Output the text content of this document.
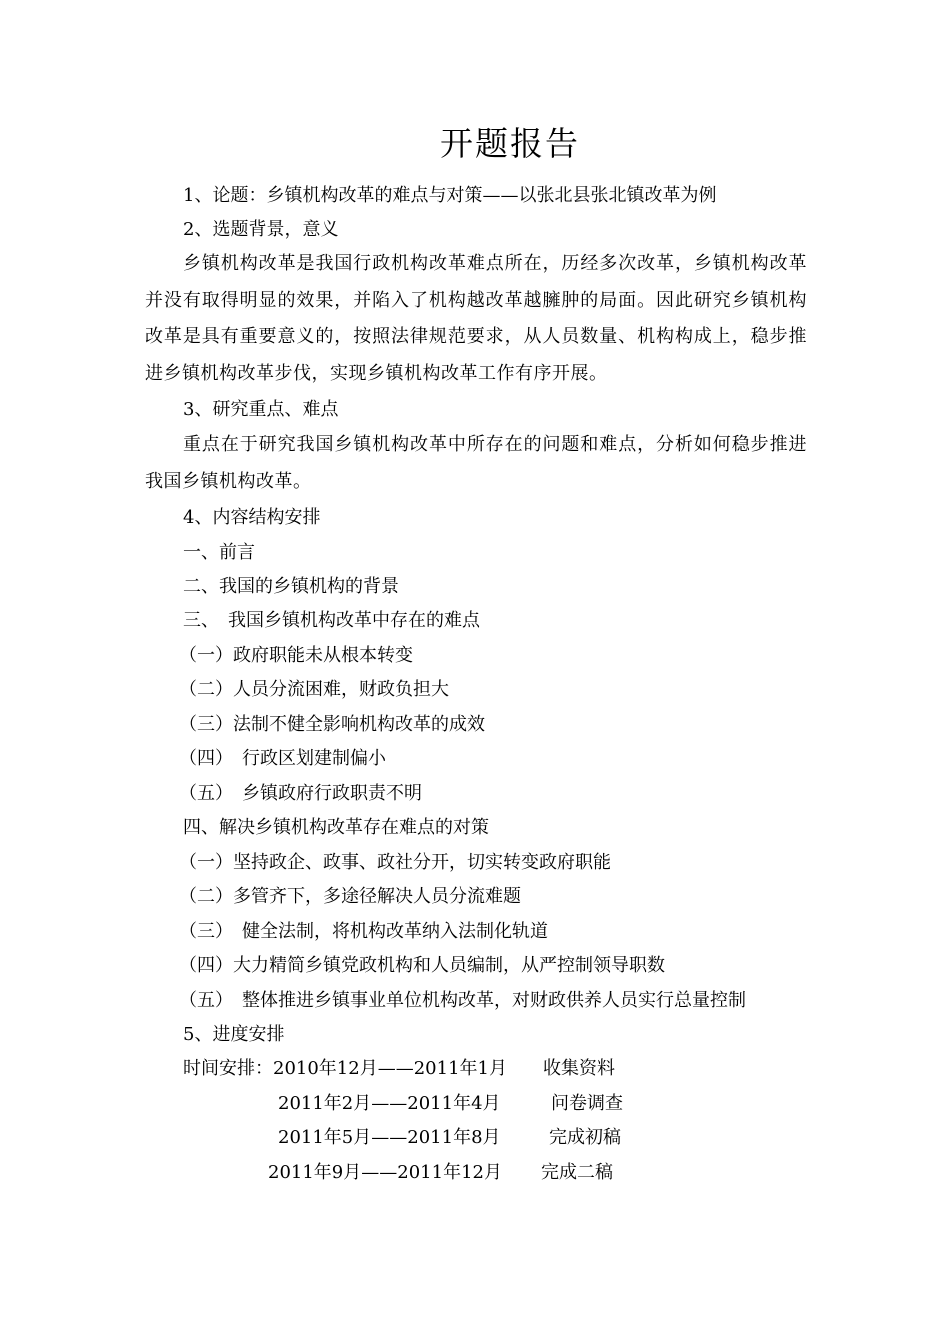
开题报告
1、论题：乡镇机构改革的难点与对策——以张北县张北镇改革为例
2、选题背景，意义
乡镇机构改革是我国行政机构改革难点所在，历经多次改革，乡镇机构改革并没有取得明显的效果，并陷入了机构越改革越臃肿的局面。因此研究乡镇机构改革是具有重要意义的，按照法律规范要求，从人员数量、机构构成上，稳步推进乡镇机构改革步伐，实现乡镇机构改革工作有序开展。
3、研究重点、难点
重点在于研究我国乡镇机构改革中所存在的问题和难点，分析如何稳步推进我国乡镇机构改革。
4、内容结构安排
一、前言
二、我国的乡镇机构的背景
三、　我国乡镇机构改革中存在的难点
（一）政府职能未从根本转变
（二）人员分流困难，财政负担大
（三）法制不健全影响机构改革的成效
（四）　行政区划建制偏小
（五）　乡镇政府行政职责不明
四、解决乡镇机构改革存在难点的对策
（一）坚持政企、政事、政社分开，切实转变政府职能
（二）多管齐下，多途径解决人员分流难题
（三）　健全法制，将机构改革纳入法制化轨道
（四）大力精简乡镇党政机构和人员编制，从严控制领导职数
（五）　整体推进乡镇事业单位机构改革，对财政供养人员实行总量控制
5、进度安排
时间安排：2010年12月——2011年1月 收集资料
2011年2月——2011年4月	问卷调查
2011年5月——2011年8月	完成初稿
2011年9月——2011年12月 完成二稿
